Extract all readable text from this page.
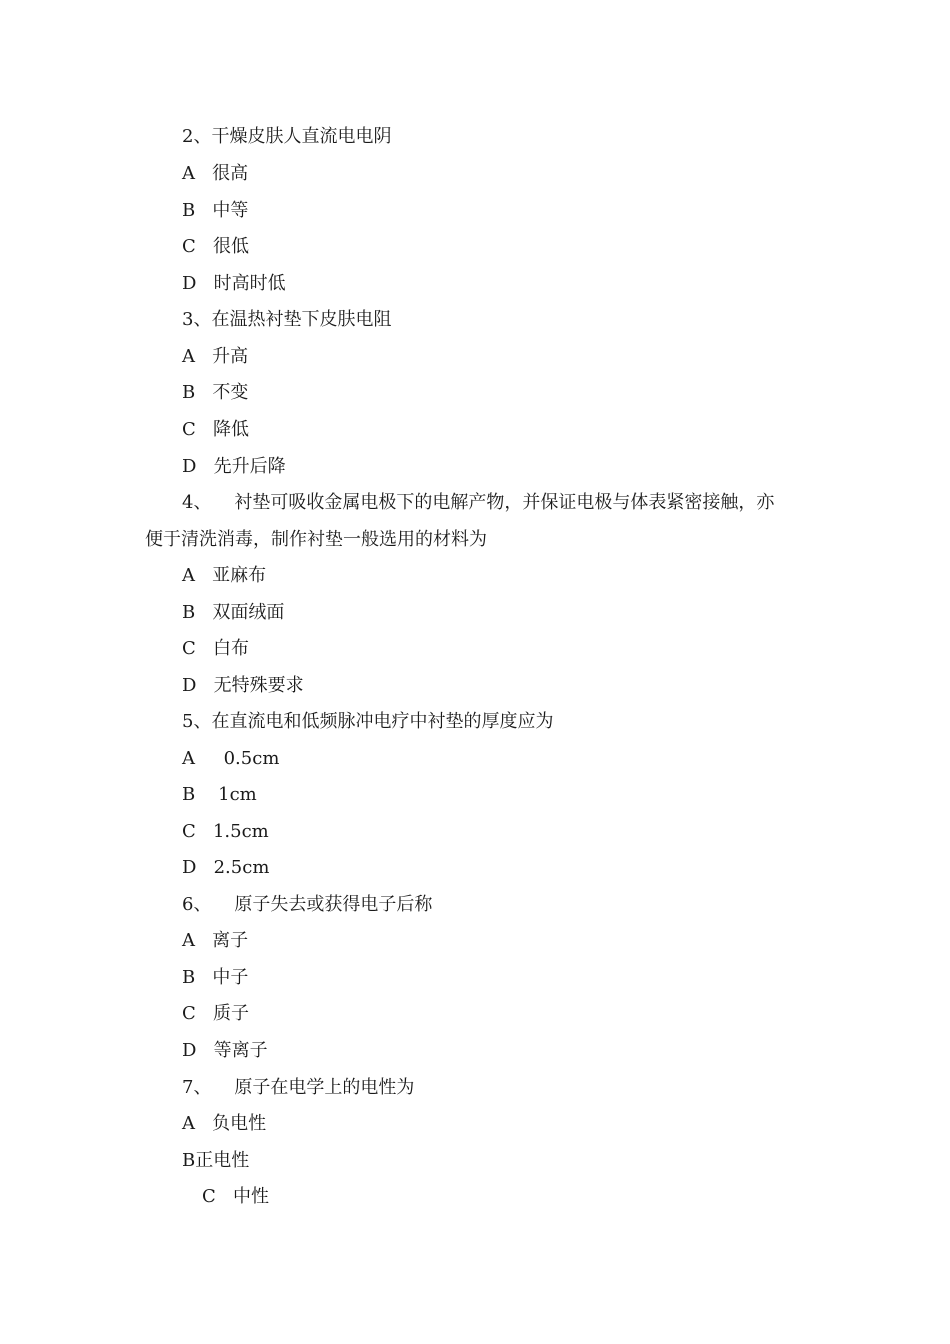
2、干燥皮肤人直流电电阴
A 很高
B 中等
C 很低
D 时高时低
3、在温热衬垫下皮肤电阻
A 升高
B 不变
C 降低
D 先升后降
4、    衬垫可吸收金属电极下的电解产物，并保证电极与体表紧密接触，亦
便于清洗消毒，制作衬垫一般选用的材料为
A 亚麻布
B 双面绒面
C 白布
D 无特殊要求
5、在直流电和低频脉冲电疗中衬垫的厚度应为
A 0.5cm
B 1cm
C 1.5cm
D 2.5cm
6、    原子失去或获得电子后称
A 离子
B 中子
C 质子
D 等离子
7、    原子在电学上的电性为
A 负电性
B正电性
C 中性
